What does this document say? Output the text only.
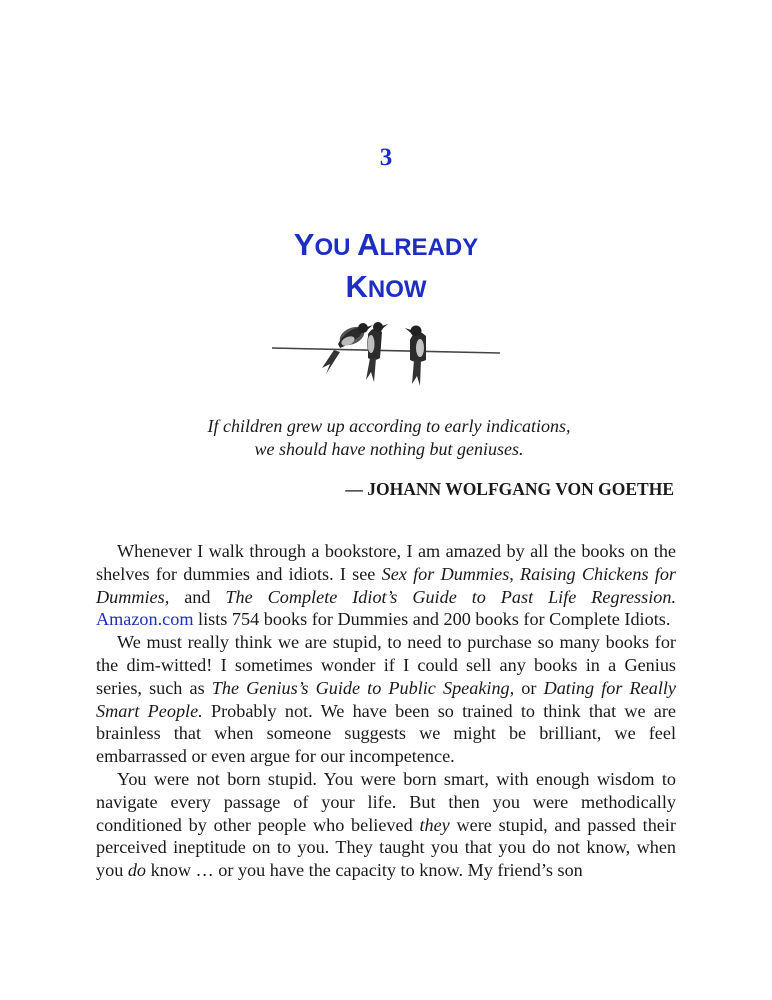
3
YOU ALREADY
KNOW

If children grew up according to early indications,
we should have nothing but geniuses.

— JOHANN WOLFGANG VON GOETHE

Whenever I walk through a bookstore, I am amazed by all the books on the shelves for dummies and idiots. I see Sex for Dummies, Raising Chickens for Dummies, and The Complete Idiot’s Guide to Past Life Regression. Amazon.com lists 754 books for Dummies and 200 books for Complete Idiots.

We must really think we are stupid, to need to purchase so many books for the dim-witted! I sometimes wonder if I could sell any books in a Genius series, such as The Genius’s Guide to Public Speaking, or Dating for Really Smart People. Probably not. We have been so trained to think that we are brainless that when someone suggests we might be brilliant, we feel embarrassed or even argue for our incompetence.

You were not born stupid. You were born smart, with enough wisdom to navigate every passage of your life. But then you were methodically conditioned by other people who believed they were stupid, and passed their perceived ineptitude on to you. They taught you that you do not know, when you do know … or you have the capacity to know. My friend’s son
